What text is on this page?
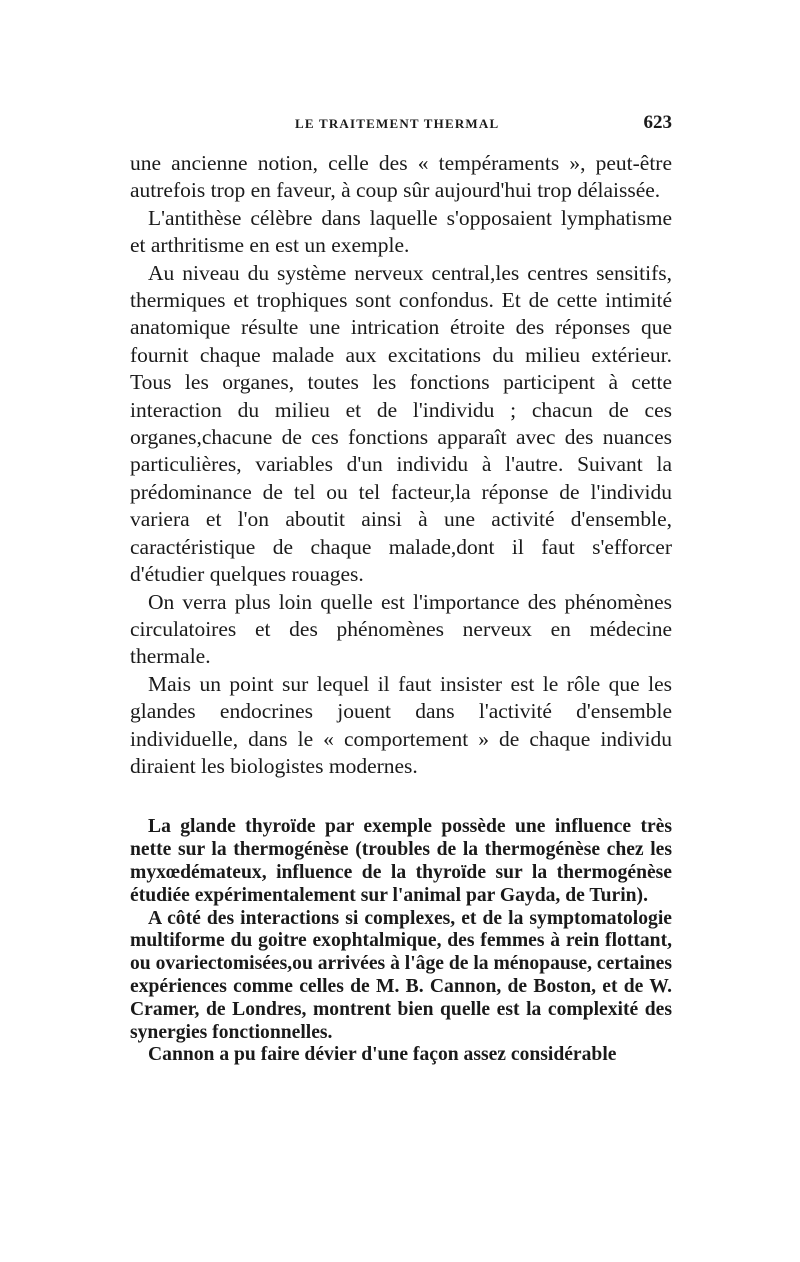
LE TRAITEMENT THERMAL	623

une ancienne notion, celle des « tempéraments », peut-être autrefois trop en faveur, à coup sûr aujourd'hui trop délaissée.

L'antithèse célèbre dans laquelle s'opposaient lymphatisme et arthritisme en est un exemple.

Au niveau du système nerveux central,les centres sensitifs, thermiques et trophiques sont confondus. Et de cette intimité anatomique résulte une intrication étroite des réponses que fournit chaque malade aux excitations du milieu extérieur. Tous les organes, toutes les fonctions participent à cette interaction du milieu et de l'individu ; chacun de ces organes,chacune de ces fonctions apparaît avec des nuances particulières, variables d'un individu à l'autre. Suivant la prédominance de tel ou tel facteur,la réponse de l'individu variera et l'on aboutit ainsi à une activité d'ensemble, caractéristique de chaque malade,dont il faut s'efforcer d'étudier quelques rouages.

On verra plus loin quelle est l'importance des phénomènes circulatoires et des phénomènes nerveux en médecine thermale.

Mais un point sur lequel il faut insister est le rôle que les glandes endocrines jouent dans l'activité d'ensemble individuelle, dans le « comportement » de chaque individu diraient les biologistes modernes.

La glande thyroïde par exemple possède une influence très nette sur la thermogénèse (troubles de la thermogénèse chez les myxœdémateux, influence de la thyroïde sur la thermogénèse étudiée expérimentalement sur l'animal par Gayda, de Turin).

A côté des interactions si complexes, et de la symptomatologie multiforme du goitre exophtalmique, des femmes à rein flottant, ou ovariectomisées,ou arrivées à l'âge de la ménopause, certaines expériences comme celles de M. B. Cannon, de Boston, et de W. Cramer, de Londres, montrent bien quelle est la complexité des synergies fonctionnelles.

Cannon a pu faire dévier d'une façon assez considérable
